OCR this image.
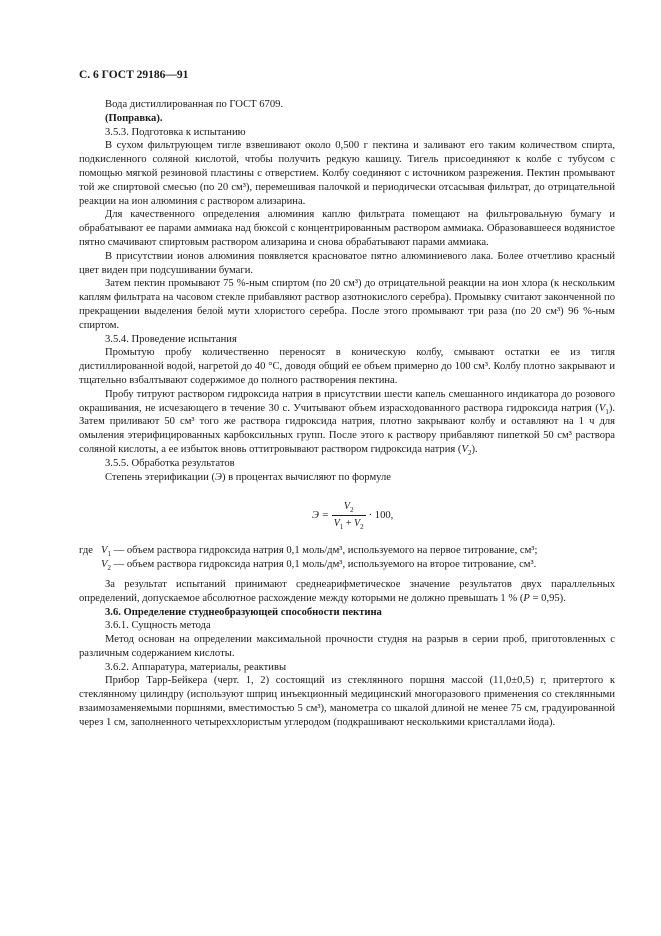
С. 6 ГОСТ 29186—91

Вода дистиллированная по ГОСТ 6709.

(Поправка).

3.5.3. Подготовка к испытанию

В сухом фильтрующем тигле взвешивают около 0,500 г пектина и заливают его таким количеством спирта, подкисленного соляной кислотой, чтобы получить редкую кашицу. Тигель присоединяют к колбе с тубусом с помощью мягкой резиновой пластины с отверстием. Колбу соединяют с источником разрежения. Пектин промывают той же спиртовой смесью (по 20 см³), перемешивая палочкой и периодически отсасывая фильтрат, до отрицательной реакции на ион алюминия с раствором ализарина.

Для качественного определения алюминия каплю фильтрата помещают на фильтровальную бумагу и обрабатывают ее парами аммиака над бюксой с концентрированным раствором аммиака. Образовавшееся водянистое пятно смачивают спиртовым раствором ализарина и снова обрабатывают парами аммиака.

В присутствии ионов алюминия появляется красноватое пятно алюминиевого лака. Более отчетливо красный цвет виден при подсушивании бумаги.

Затем пектин промывают 75 %-ным спиртом (по 20 см³) до отрицательной реакции на ион хлора (к нескольким каплям фильтрата на часовом стекле прибавляют раствор азотнокислого серебра). Промывку считают законченной по прекращении выделения белой мути хлористого серебра. После этого промывают три раза (по 20 см³) 96 %-ным спиртом.

3.5.4. Проведение испытания

Промытую пробу количественно переносят в коническую колбу, смывают остатки ее из тигля дистиллированной водой, нагретой до 40 °С, доводя общий ее объем примерно до 100 см³. Колбу плотно закрывают и тщательно взбалтывают содержимое до полного растворения пектина.

Пробу титруют раствором гидроксида натрия в присутствии шести капель смешанного индикатора до розового окрашивания, не исчезающего в течение 30 с. Учитывают объем израсходованного раствора гидроксида натрия $(V_1)$. Затем приливают 50 см³ того же раствора гидроксида натрия, плотно закрывают колбу и оставляют на 1 ч для омыления этерифицированных карбоксильных групп. После этого к раствору прибавляют пипеткой 50 см³ раствора соляной кислоты, а ее избыток вновь оттитровывают раствором гидроксида натрия $(V_2)$.

3.5.5. Обработка результатов

Степень этерификации (Э) в процентах вычисляют по формуле

$Э = \frac{V_2}{V_1 + V_2} \cdot 100$,
где $V_1$ — объем раствора гидроксида натрия 0,1 моль/дм³, используемого на первое титрование, см³;
$V_2$ — объем раствора гидроксида натрия 0,1 моль/дм³, используемого на второе титрование, см³.

За результат испытаний принимают среднеарифметическое значение результатов двух параллельных определений, допускаемое абсолютное расхождение между которыми не должно превышать 1 % (P = 0,95).

3.6. Определение студнеобразующей способности пектина

3.6.1. Сущность метода

Метод основан на определении максимальной прочности студня на разрыв в серии проб, приготовленных с различным содержанием кислоты.

3.6.2. Аппаратура, материалы, реактивы

Прибор Тарр-Бейкера (черт. 1, 2) состоящий из стеклянного поршня массой (11,0±0,5) г, притертого к стеклянному цилиндру (используют шприц инъекционный медицинский многоразового применения со стеклянными взаимозаменяемыми поршнями, вместимостью 5 см³), манометра со шкалой длиной не менее 75 см, градуированной через 1 см, заполненного четыреххлористым углеродом (подкрашивают несколькими кристаллами йода).
